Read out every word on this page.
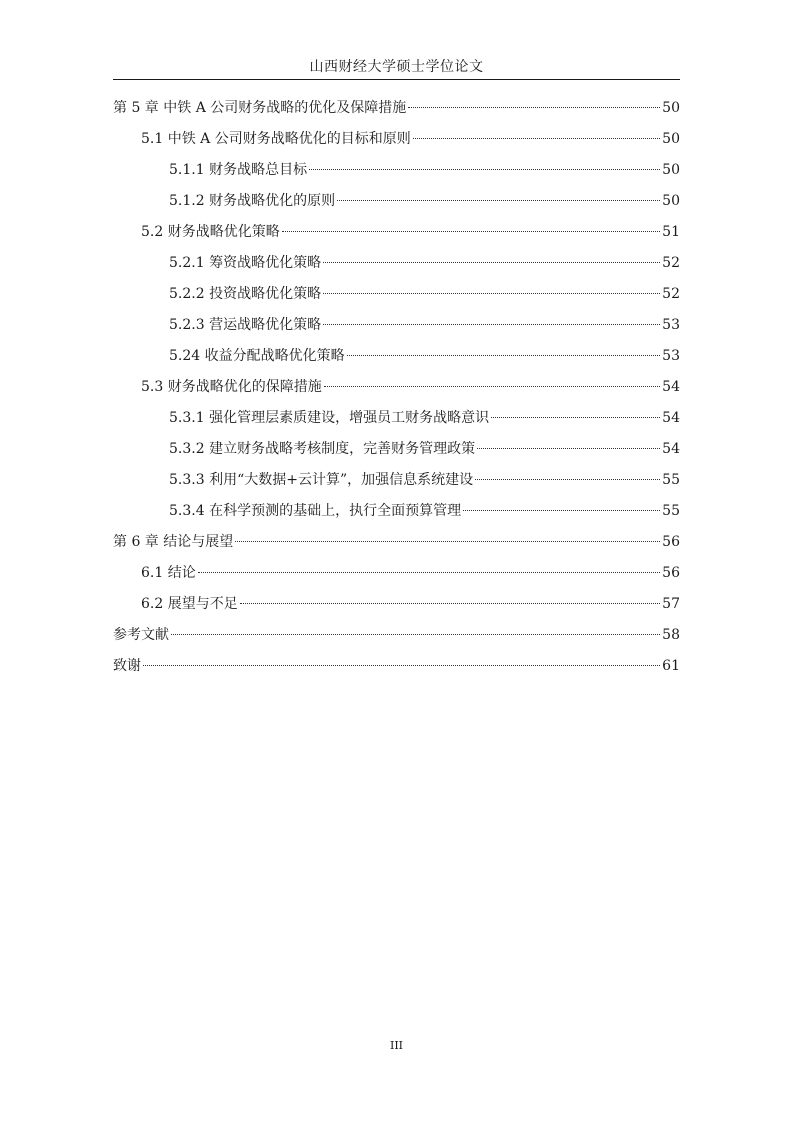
山西财经大学硕士学位论文
第 5 章 中铁 A 公司财务战略的优化及保障措施	50
5.1 中铁 A 公司财务战略优化的目标和原则	50
5.1.1 财务战略总目标	50
5.1.2 财务战略优化的原则	50
5.2 财务战略优化策略	51
5.2.1 筹资战略优化策略	52
5.2.2 投资战略优化策略	52
5.2.3 营运战略优化策略	53
5.24 收益分配战略优化策略	53
5.3 财务战略优化的保障措施	54
5.3.1 强化管理层素质建设，增强员工财务战略意识	54
5.3.2 建立财务战略考核制度，完善财务管理政策	54
5.3.3 利用“大数据+云计算”，加强信息系统建设	55
5.3.4 在科学预测的基础上，执行全面预算管理	55
第 6 章 结论与展望	56
6.1 结论	56
6.2 展望与不足	57
参考文献	58
致谢	61
III
